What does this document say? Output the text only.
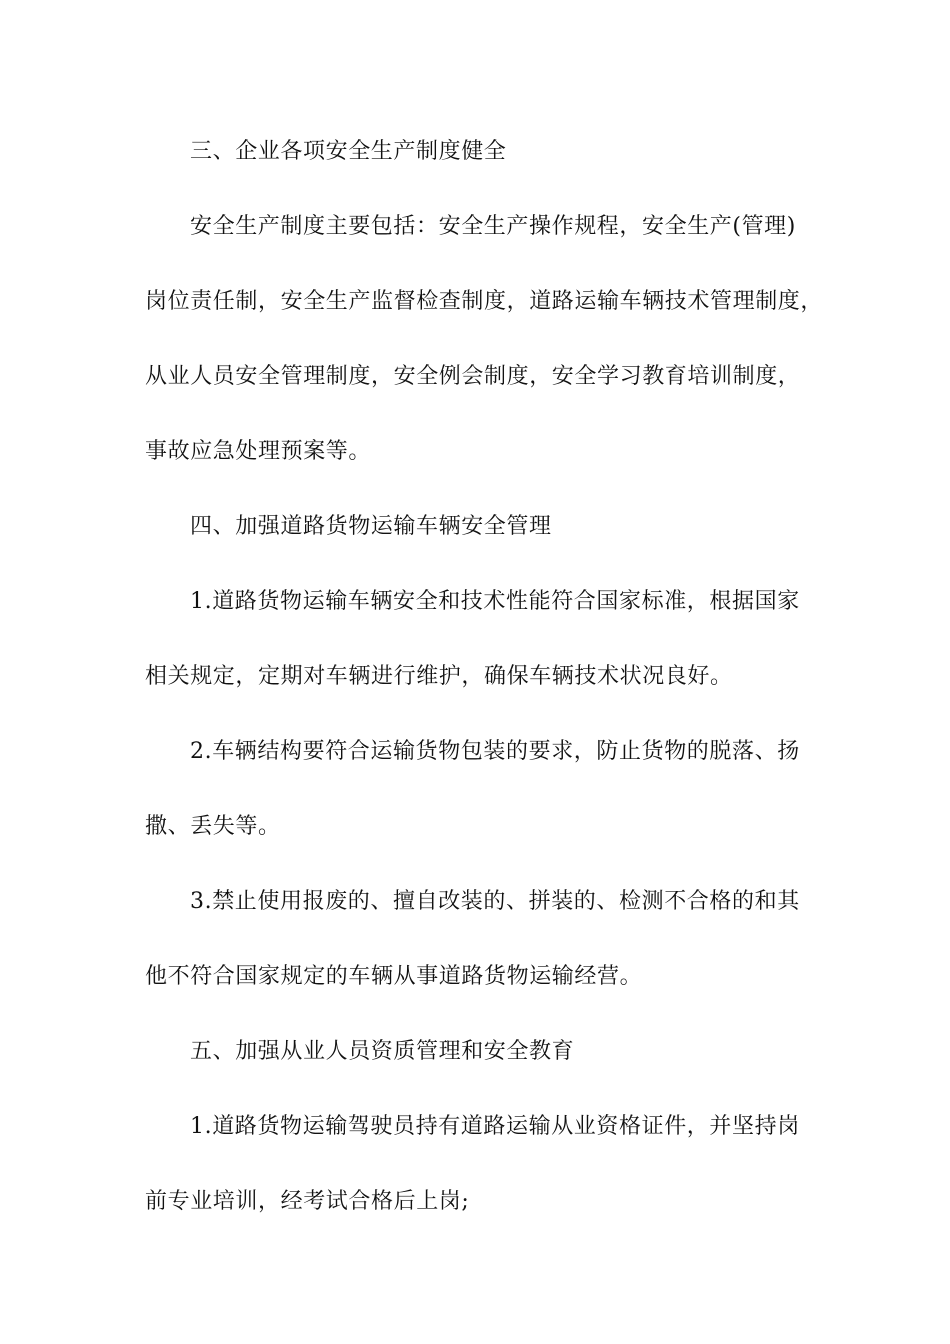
三、企业各项安全生产制度健全
安全生产制度主要包括：安全生产操作规程，安全生产(管理)
岗位责任制，安全生产监督检查制度，道路运输车辆技术管理制度，
从业人员安全管理制度，安全例会制度，安全学习教育培训制度，
事故应急处理预案等。
四、加强道路货物运输车辆安全管理
1.道路货物运输车辆安全和技术性能符合国家标准，根据国家
相关规定，定期对车辆进行维护，确保车辆技术状况良好。
2.车辆结构要符合运输货物包装的要求，防止货物的脱落、扬
撒、丢失等。
3.禁止使用报废的、擅自改装的、拼装的、检测不合格的和其
他不符合国家规定的车辆从事道路货物运输经营。
五、加强从业人员资质管理和安全教育
1.道路货物运输驾驶员持有道路运输从业资格证件，并坚持岗
前专业培训，经考试合格后上岗;
